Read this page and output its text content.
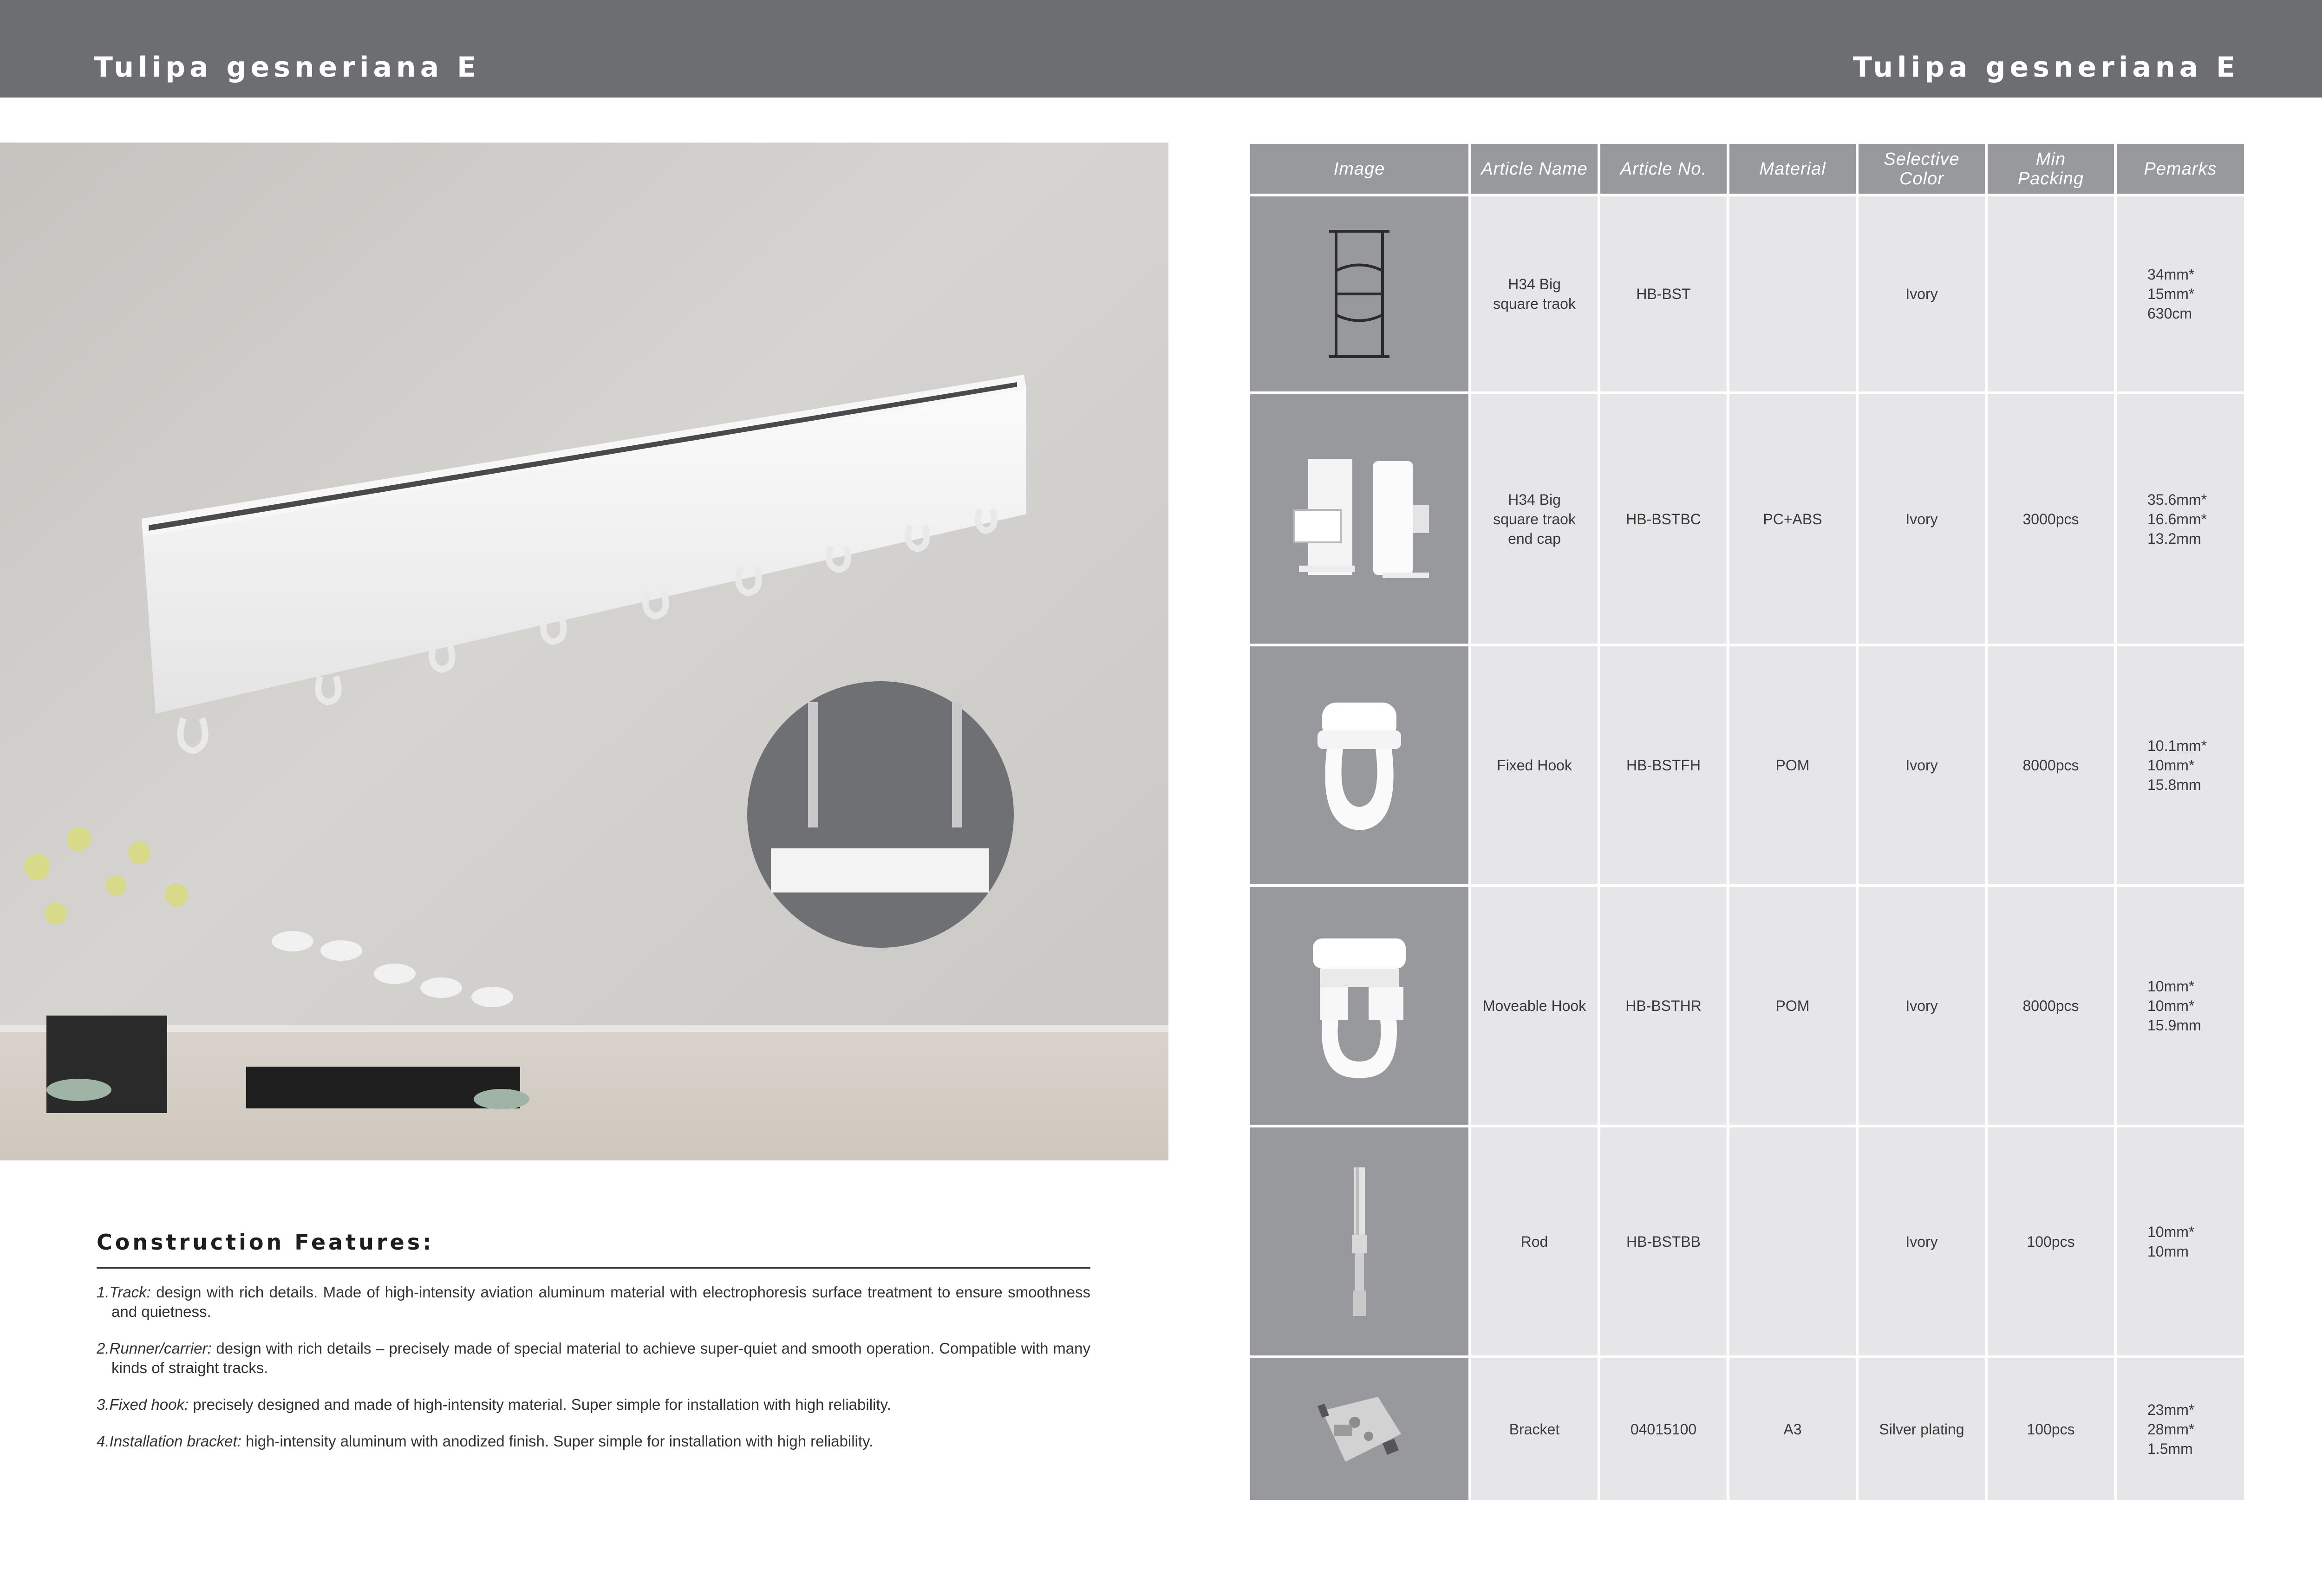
Tulipa gesneriana E	Tulipa gesneriana E
Construction Features:
1.Track: design with rich details. Made of high-intensity aviation aluminum material with electrophoresis surface treatment to ensure smoothness and quietness.
2.Runner/carrier: design with rich details – precisely made of special material to achieve super-quiet and smooth operation. Compatible with many kinds of straight tracks.
3.Fixed hook: precisely designed and made of high-intensity material. Super simple for installation with high reliability.
4.Installation bracket: high-intensity aluminum with anodized finish. Super simple for installation with high reliability.
Image	Article Name	Article No.	Material	Selective
Color	Min
Packing	Pemarks

	H34 Big
square traok	HB-BST		Ivory		34mm*
15mm*
630cm

	H34 Big
square traok
end cap	HB-BSTBC	PC+ABS	Ivory	3000pcs	35.6mm*
16.6mm*
13.2mm

	Fixed Hook	HB-BSTFH	POM	Ivory	8000pcs	10.1mm*
10mm*
15.8mm

	Moveable Hook	HB-BSTHR	POM	Ivory	8000pcs	10mm*
10mm*
15.9mm

	Rod	HB-BSTBB		Ivory	100pcs	10mm*
10mm

	Bracket	04015100	A3	Silver plating	100pcs	23mm*
28mm*
1.5mm
